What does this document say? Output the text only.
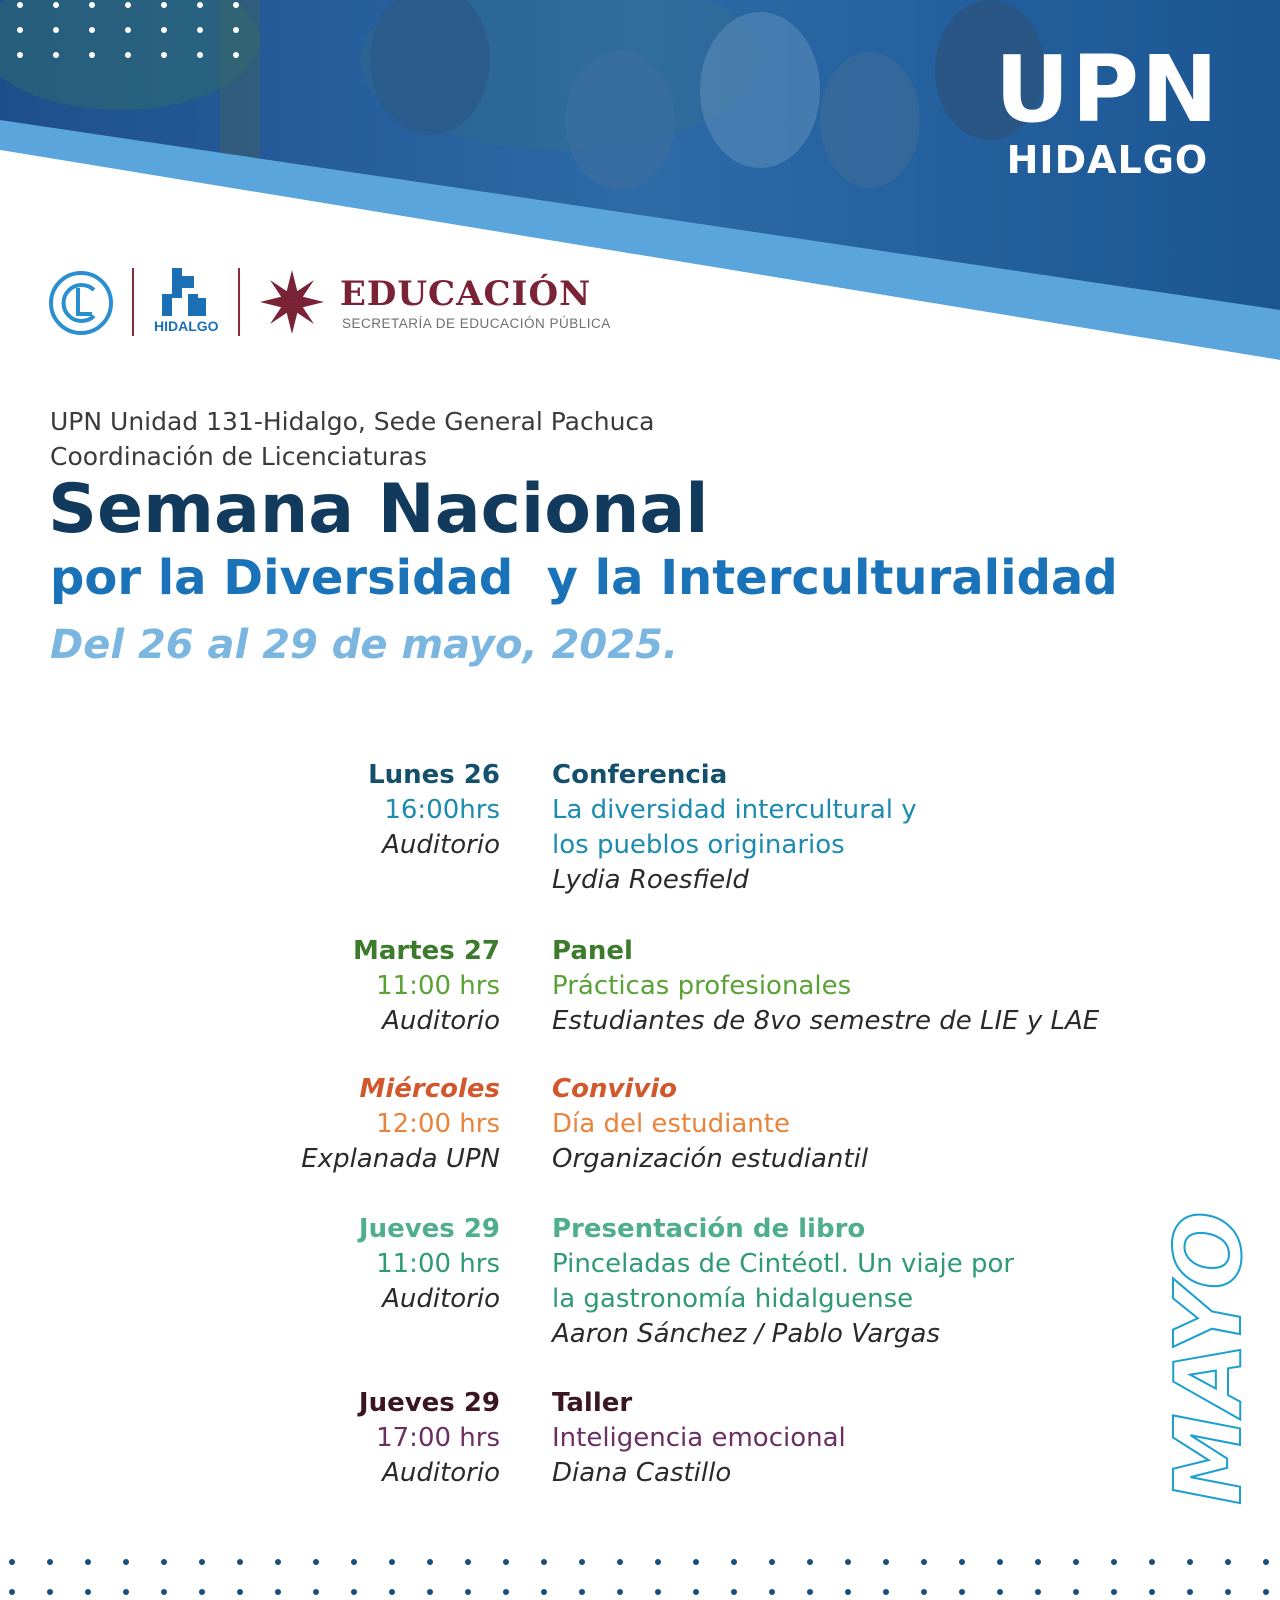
UPN
HIDALGO
HIDALGO
EDUCACIÓN
SECRETARÍA DE EDUCACIÓN PÚBLICA
UPN Unidad 131-Hidalgo, Sede General Pachuca
Coordinación de Licenciaturas
Semana Nacional
por la Diversidad  y la Interculturalidad
Del 26 al 29 de mayo, 2025.
Lunes 26
16:00hrs
Auditorio
Conferencia
La diversidad intercultural y
los pueblos originarios
Lydia Roesfield
Martes 27
11:00 hrs
Auditorio
Panel
Prácticas profesionales
Estudiantes de 8vo semestre de LIE y LAE
Miércoles
12:00 hrs
Explanada UPN
Convivio
Día del estudiante
Organización estudiantil
Jueves 29
11:00 hrs
Auditorio
Presentación de libro
Pinceladas de Cintéotl. Un viaje por
la gastronomía hidalguense
Aaron Sánchez / Pablo Vargas
Jueves 29
17:00 hrs
Auditorio
Taller
Inteligencia emocional
Diana Castillo	MAYO
